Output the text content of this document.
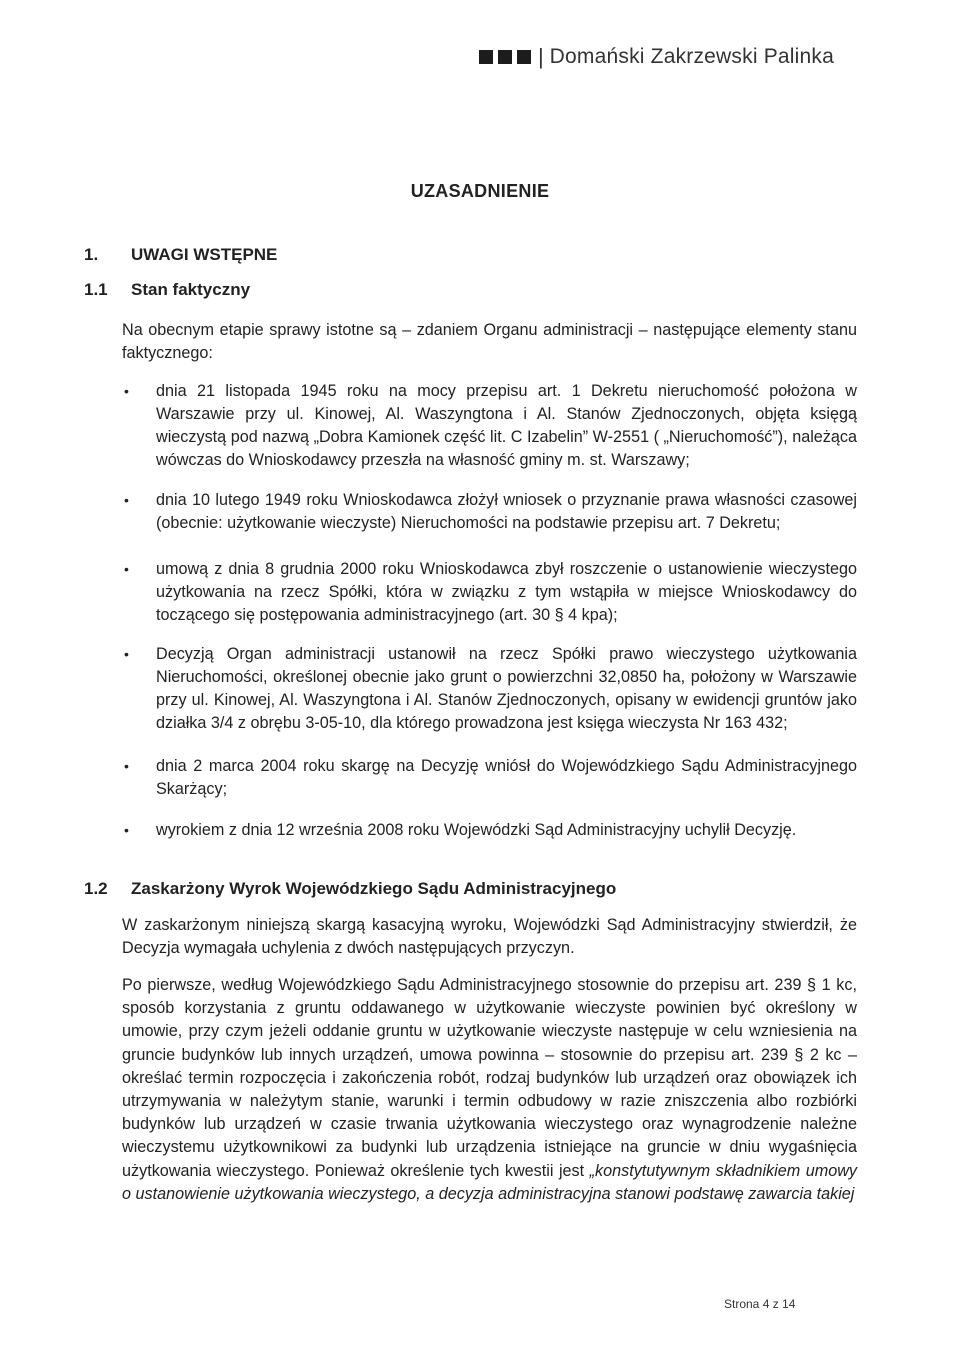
| Domański Zakrzewski Palinka
UZASADNIENIE
1. UWAGI WSTĘPNE
1.1 Stan faktyczny

Na obecnym etapie sprawy istotne są – zdaniem Organu administracji – następujące elementy stanu faktycznego:

• dnia 21 listopada 1945 roku na mocy przepisu art. 1 Dekretu nieruchomość położona w Warszawie przy ul. Kinowej, Al. Waszyngtona i Al. Stanów Zjednoczonych, objęta księgą wieczystą pod nazwą „Dobra Kamionek część lit. C Izabelin” W-2551 ( „Nieruchomość”), należąca wówczas do Wnioskodawcy przeszła na własność gminy m. st. Warszawy;
• dnia 10 lutego 1949 roku Wnioskodawca złożył wniosek o przyznanie prawa własności czasowej (obecnie: użytkowanie wieczyste) Nieruchomości na podstawie przepisu art. 7 Dekretu;
• umową z dnia 8 grudnia 2000 roku Wnioskodawca zbył roszczenie o ustanowienie wieczystego użytkowania na rzecz Spółki, która w związku z tym wstąpiła w miejsce Wnioskodawcy do toczącego się postępowania administracyjnego (art. 30 § 4 kpa);
• Decyzją Organ administracji ustanowił na rzecz Spółki prawo wieczystego użytkowania Nieruchomości, określonej obecnie jako grunt o powierzchni 32,0850 ha, położony w Warszawie przy ul. Kinowej, Al. Waszyngtona i Al. Stanów Zjednoczonych, opisany w ewidencji gruntów jako działka 3/4 z obrębu 3-05-10, dla którego prowadzona jest księga wieczysta Nr 163 432;
• dnia 2 marca 2004 roku skargę na Decyzję wniósł do Wojewódzkiego Sądu Administracyjnego Skarżący;
• wyrokiem z dnia 12 września 2008 roku Wojewódzki Sąd Administracyjny uchylił Decyzję.
1.2 Zaskarżony Wyrok Wojewódzkiego Sądu Administracyjnego

W zaskarżonym niniejszą skargą kasacyjną wyroku, Wojewódzki Sąd Administracyjny stwierdził, że Decyzja wymagała uchylenia z dwóch następujących przyczyn.

Po pierwsze, według Wojewódzkiego Sądu Administracyjnego stosownie do przepisu art. 239 § 1 kc, sposób korzystania z gruntu oddawanego w użytkowanie wieczyste powinien być określony w umowie, przy czym jeżeli oddanie gruntu w użytkowanie wieczyste następuje w celu wzniesienia na gruncie budynków lub innych urządzeń, umowa powinna – stosownie do przepisu art. 239 § 2 kc – określać termin rozpoczęcia i zakończenia robót, rodzaj budynków lub urządzeń oraz obowiązek ich utrzymywania w należytym stanie, warunki i termin odbudowy w razie zniszczenia albo rozbiórki budynków lub urządzeń w czasie trwania użytkowania wieczystego oraz wynagrodzenie należne wieczystemu użytkownikowi za budynki lub urządzenia istniejące na gruncie w dniu wygaśnięcia użytkowania wieczystego. Ponieważ określenie tych kwestii jest „konstytutywnym składnikiem umowy o ustanowienie użytkowania wieczystego, a decyzja administracyjna stanowi podstawę zawarcia takiej

Strona 4 z 14
